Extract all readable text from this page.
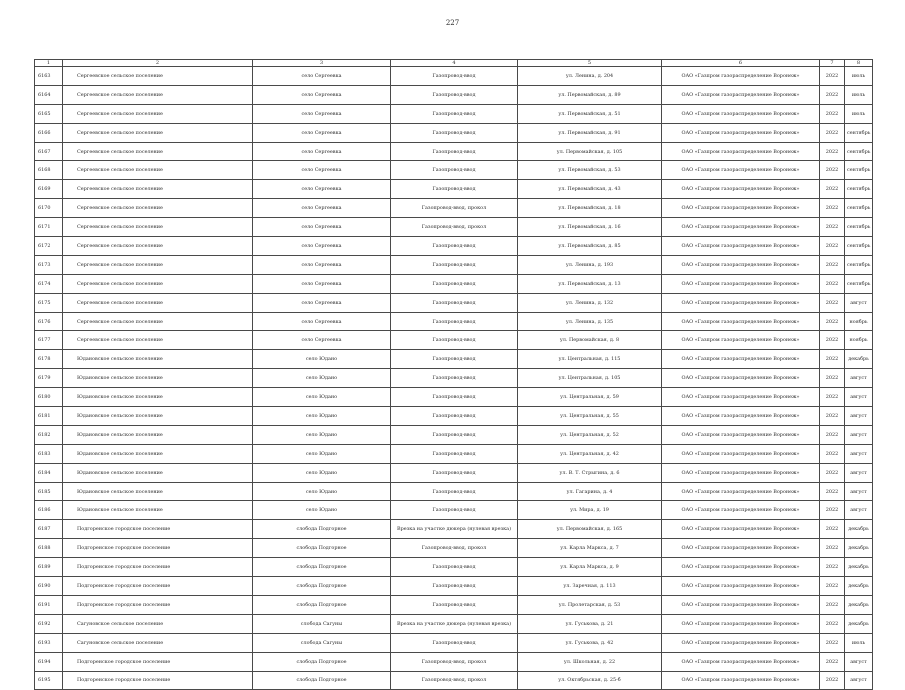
227
1	2	3	4	5	6	7	8
6163	Сергеевское сельское поселение	село Сергеевка	Газопровод-ввод	ул. Ленина, д. 204	ОАО «Газпром газораспределение Воронеж»	2022	июль
6164	Сергеевское сельское поселение	село Сергеевка	Газопровод-ввод	ул. Первомайская, д. 89	ОАО «Газпром газораспределение Воронеж»	2022	июль
6165	Сергеевское сельское поселение	село Сергеевка	Газопровод-ввод	ул. Первомайская, д. 51	ОАО «Газпром газораспределение Воронеж»	2022	июль
6166	Сергеевское сельское поселение	село Сергеевка	Газопровод-ввод	ул. Первомайская, д. 91	ОАО «Газпром газораспределение Воронеж»	2022	сентябрь
6167	Сергеевское сельское поселение	село Сергеевка	Газопровод-ввод	ул. Первомайская, д. 105	ОАО «Газпром газораспределение Воронеж»	2022	сентябрь
6168	Сергеевское сельское поселение	село Сергеевка	Газопровод-ввод	ул. Первомайская, д. 53	ОАО «Газпром газораспределение Воронеж»	2022	сентябрь
6169	Сергеевское сельское поселение	село Сергеевка	Газопровод-ввод	ул. Первомайская, д. 43	ОАО «Газпром газораспределение Воронеж»	2022	сентябрь
6170	Сергеевское сельское поселение	село Сергеевка	Газопровод-ввод, прокол	ул. Первомайская, д. 18	ОАО «Газпром газораспределение Воронеж»	2022	сентябрь
6171	Сергеевское сельское поселение	село Сергеевка	Газопровод-ввод, прокол	ул. Первомайская, д. 16	ОАО «Газпром газораспределение Воронеж»	2022	сентябрь
6172	Сергеевское сельское поселение	село Сергеевка	Газопровод-ввод	ул. Первомайская, д. 85	ОАО «Газпром газораспределение Воронеж»	2022	сентябрь
6173	Сергеевское сельское поселение	село Сергеевка	Газопровод-ввод	ул. Ленина, д. 193	ОАО «Газпром газораспределение Воронеж»	2022	сентябрь
6174	Сергеевское сельское поселение	село Сергеевка	Газопровод-ввод	ул. Первомайская, д. 13	ОАО «Газпром газораспределение Воронеж»	2022	сентябрь
6175	Сергеевское сельское поселение	село Сергеевка	Газопровод-ввод	ул. Ленина, д. 132	ОАО «Газпром газораспределение Воронеж»	2022	август
6176	Сергеевское сельское поселение	село Сергеевка	Газопровод-ввод	ул. Ленина, д. 135	ОАО «Газпром газораспределение Воронеж»	2022	ноябрь
6177	Сергеевское сельское поселение	село Сергеевка	Газопровод-ввод	ул. Первомайская, д. 8	ОАО «Газпром газораспределение Воронеж»	2022	ноябрь
6178	Юдановское сельское поселение	село Юдано	Газопровод-ввод	ул. Центральная, д. 115	ОАО «Газпром газораспределение Воронеж»	2022	декабрь
6179	Юдановское сельское поселение	село Юдано	Газопровод-ввод	ул. Центральная, д. 105	ОАО «Газпром газораспределение Воронеж»	2022	август
6180	Юдановское сельское поселение	село Юдано	Газопровод-ввод	ул. Центральная, д. 59	ОАО «Газпром газораспределение Воронеж»	2022	август
6181	Юдановское сельское поселение	село Юдано	Газопровод-ввод	ул. Центральная, д. 55	ОАО «Газпром газораспределение Воронеж»	2022	август
6182	Юдановское сельское поселение	село Юдано	Газопровод-ввод	ул. Центральная, д. 52	ОАО «Газпром газораспределение Воронеж»	2022	август
6183	Юдановское сельское поселение	село Юдано	Газопровод-ввод	ул. Центральная, д. 42	ОАО «Газпром газораспределение Воронеж»	2022	август
6184	Юдановское сельское поселение	село Юдано	Газопровод-ввод	ул. В. Т. Стрыгина, д. 6	ОАО «Газпром газораспределение Воронеж»	2022	август
6185	Юдановское сельское поселение	село Юдано	Газопровод-ввод	ул. Гагарина, д. 4	ОАО «Газпром газораспределение Воронеж»	2022	август
6186	Юдановское сельское поселение	село Юдано	Газопровод-ввод	ул. Мира, д. 19	ОАО «Газпром газораспределение Воронеж»	2022	август
6187	Подгоренское городское поселение	слобода Подгорное	Врезка на участке дюкера (нулевая врезка)	ул. Первомайская, д. 165	ОАО «Газпром газораспределение Воронеж»	2022	декабрь
6188	Подгоренское городское поселение	слобода Подгорное	Газопровод-ввод, прокол	ул. Карла Маркса, д. 7	ОАО «Газпром газораспределение Воронеж»	2022	декабрь
6189	Подгоренское городское поселение	слобода Подгорное	Газопровод-ввод	ул. Карла Маркса, д. 9	ОАО «Газпром газораспределение Воронеж»	2022	декабрь
6190	Подгоренское городское поселение	слобода Подгорное	Газопровод-ввод	ул. Заречная, д. 113	ОАО «Газпром газораспределение Воронеж»	2022	декабрь
6191	Подгоренское городское поселение	слобода Подгорное	Газопровод-ввод	ул. Пролетарская, д. 53	ОАО «Газпром газораспределение Воронеж»	2022	декабрь
6192	Сагуновское сельское поселение	слобода Сагуны	Врезка на участке дюкера (нулевая врезка)	ул. Гуськова, д. 21	ОАО «Газпром газораспределение Воронеж»	2022	декабрь
6193	Сагуновское сельское поселение	слобода Сагуны	Газопровод-ввод	ул. Гуськова, д. 42	ОАО «Газпром газораспределение Воронеж»	2022	июль
6194	Подгоренское городское поселение	слобода Подгорное	Газопровод-ввод, прокол	ул. Школьная, д. 22	ОАО «Газпром газораспределение Воронеж»	2022	август
6195	Подгоренское городское поселение	слобода Подгорное	Газопровод-ввод, прокол	ул. Октябрьская, д. 25-б	ОАО «Газпром газораспределение Воронеж»	2022	август
